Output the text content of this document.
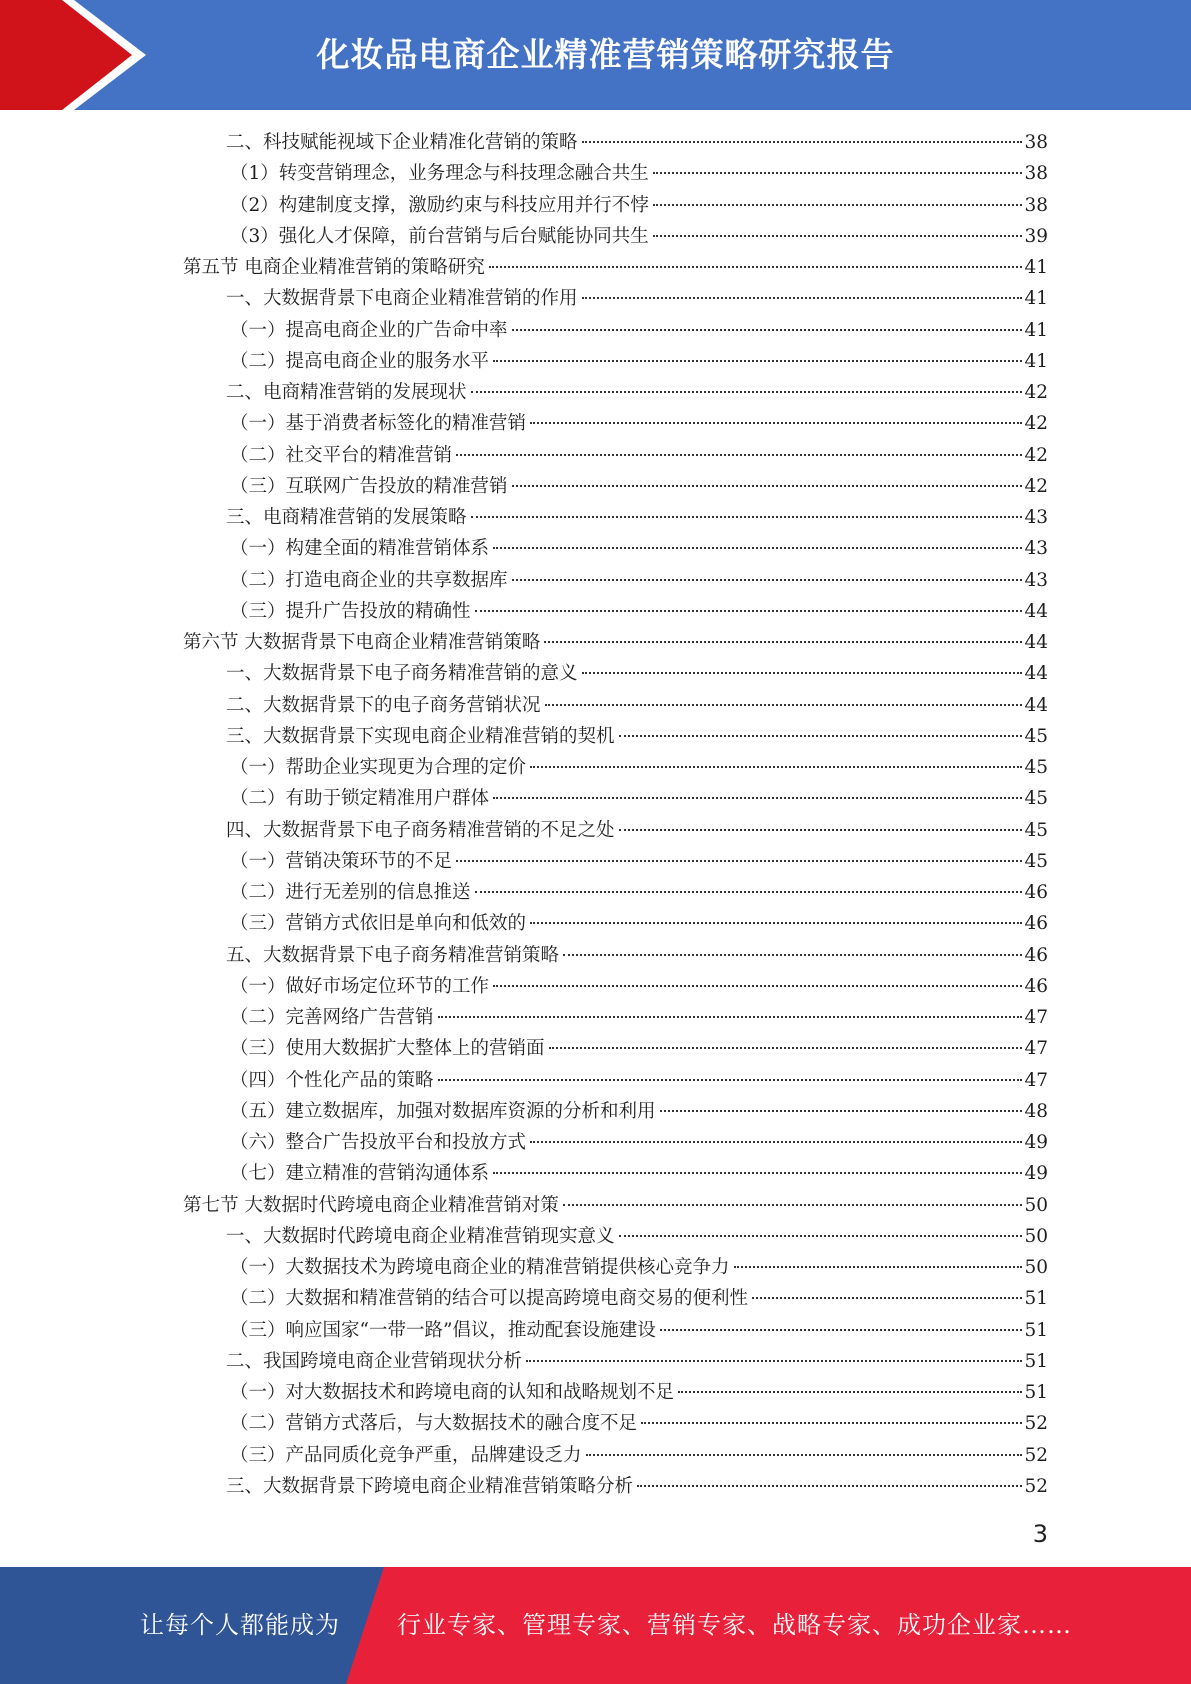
化妆品电商企业精准营销策略研究报告
二、科技赋能视域下企业精准化营销的策略	38
（1）转变营销理念，业务理念与科技理念融合共生	38
（2）构建制度支撑，激励约束与科技应用并行不悖	38
（3）强化人才保障，前台营销与后台赋能协同共生	39
第五节 电商企业精准营销的策略研究	41
一、大数据背景下电商企业精准营销的作用	41
（一）提高电商企业的广告命中率	41
（二）提高电商企业的服务水平	41
二、电商精准营销的发展现状	42
（一）基于消费者标签化的精准营销	42
（二）社交平台的精准营销	42
（三）互联网广告投放的精准营销	42
三、电商精准营销的发展策略	43
（一）构建全面的精准营销体系	43
（二）打造电商企业的共享数据库	43
（三）提升广告投放的精确性	44
第六节 大数据背景下电商企业精准营销策略	44
一、大数据背景下电子商务精准营销的意义	44
二、大数据背景下的电子商务营销状况	44
三、大数据背景下实现电商企业精准营销的契机	45
（一）帮助企业实现更为合理的定价	45
（二）有助于锁定精准用户群体	45
四、大数据背景下电子商务精准营销的不足之处	45
（一）营销决策环节的不足	45
（二）进行无差别的信息推送	46
（三）营销方式依旧是单向和低效的	46
五、大数据背景下电子商务精准营销策略	46
（一）做好市场定位环节的工作	46
（二）完善网络广告营销	47
（三）使用大数据扩大整体上的营销面	47
（四）个性化产品的策略	47
（五）建立数据库，加强对数据库资源的分析和利用	48
（六）整合广告投放平台和投放方式	49
（七）建立精准的营销沟通体系	49
第七节 大数据时代跨境电商企业精准营销对策	50
一、大数据时代跨境电商企业精准营销现实意义	50
（一）大数据技术为跨境电商企业的精准营销提供核心竞争力	50
（二）大数据和精准营销的结合可以提高跨境电商交易的便利性	51
（三）响应国家“一带一路”倡议，推动配套设施建设	51
二、我国跨境电商企业营销现状分析	51
（一）对大数据技术和跨境电商的认知和战略规划不足	51
（二）营销方式落后，与大数据技术的融合度不足	52
（三）产品同质化竞争严重，品牌建设乏力	52
三、大数据背景下跨境电商企业精准营销策略分析	52
3
让每个人都能成为 行业专家、管理专家、营销专家、战略专家、成功企业家……
